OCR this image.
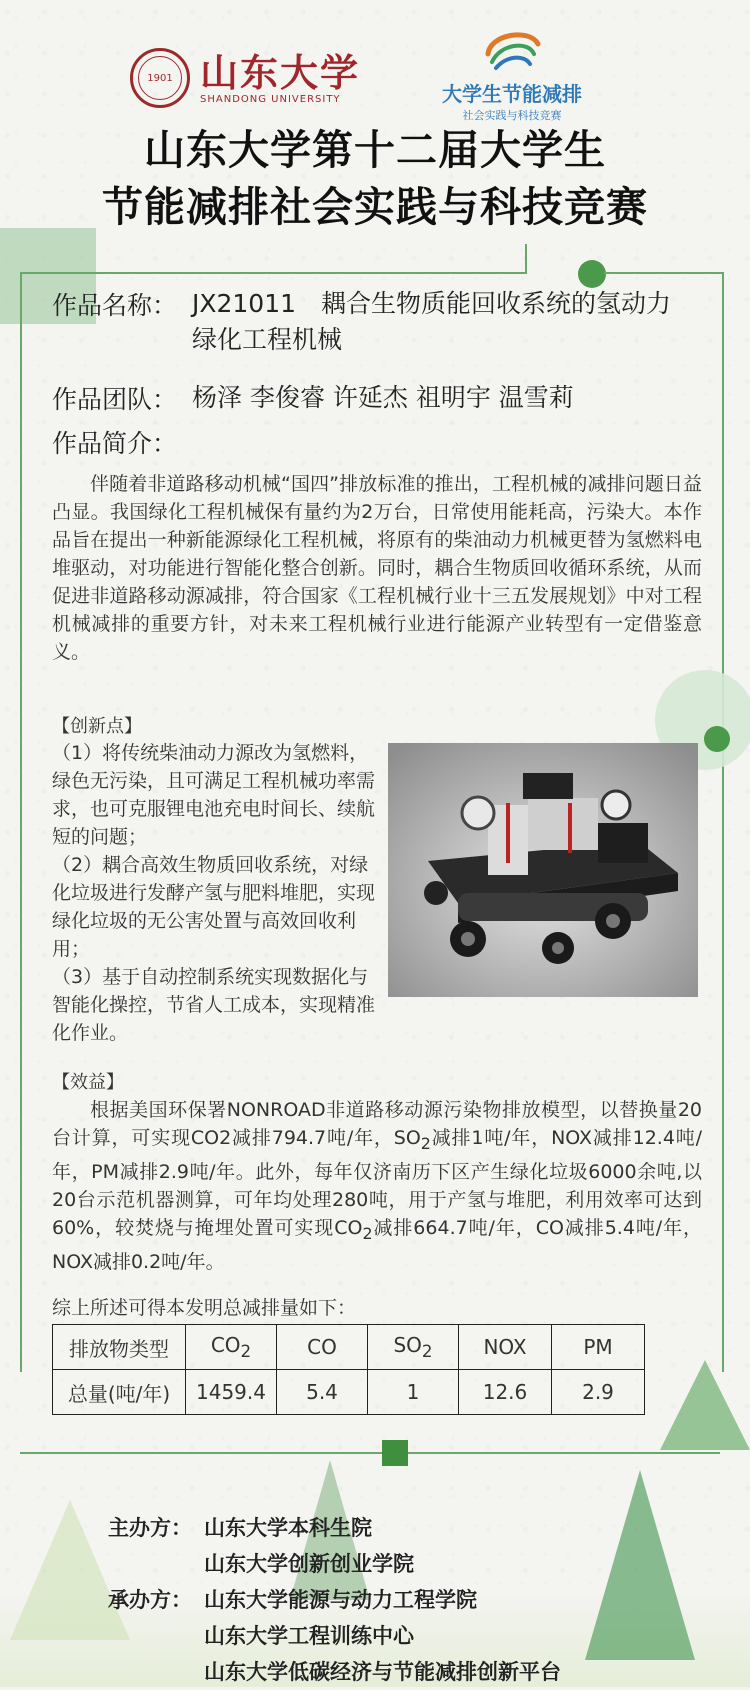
1901 山东大学
SHANDONG UNIVERSITY	大学生节能减排
社会实践与科技竞赛
山东大学第十二届大学生
节能减排社会实践与科技竞赛
作品名称： JX21011　耦合生物质能回收系统的氢动力绿化工程机械
作品团队： 杨泽 李俊睿 许延杰 祖明宇 温雪莉
作品简介：
伴随着非道路移动机械“国四”排放标准的推出，工程机械的减排问题日益凸显。我国绿化工程机械保有量约为2万台，日常使用能耗高，污染大。本作品旨在提出一种新能源绿化工程机械，将原有的柴油动力机械更替为氢燃料电堆驱动，对功能进行智能化整合创新。同时，耦合生物质回收循环系统，从而促进非道路移动源减排，符合国家《工程机械行业十三五发展规划》中对工程机械减排的重要方针，对未来工程机械行业进行能源产业转型有一定借鉴意义。
【创新点】
（1）将传统柴油动力源改为氢燃料，绿色无污染，且可满足工程机械功率需求，也可克服锂电池充电时间长、续航短的问题；
（2）耦合高效生物质回收系统，对绿化垃圾进行发酵产氢与肥料堆肥，实现绿化垃圾的无公害处置与高效回收利用；
（3）基于自动控制系统实现数据化与智能化操控，节省人工成本，实现精准化作业。
【效益】
根据美国环保署NONROAD非道路移动源污染物排放模型，以替换量20台计算，可实现CO2减排794.7吨/年，$SO_2$减排1吨/年，NOX减排12.4吨/年，PM减排2.9吨/年。此外，每年仅济南历下区产生绿化垃圾6000余吨,以20台示范机器测算，可年均处理280吨，用于产氢与堆肥，利用效率可达到60%，较焚烧与掩埋处置可实现$CO_2$减排664.7吨/年，CO减排5.4吨/年，NOX减排0.2吨/年。
综上所述可得本发明总减排量如下：
排放物类型	$CO_2$	CO	$SO_2$	NOX	PM
总量(吨/年)	1459.4	5.4	1	12.6	2.9
主办方： 山东大学本科生院
山东大学创新创业学院
承办方： 山东大学能源与动力工程学院
山东大学工程训练中心
山东大学低碳经济与节能减排创新平台
